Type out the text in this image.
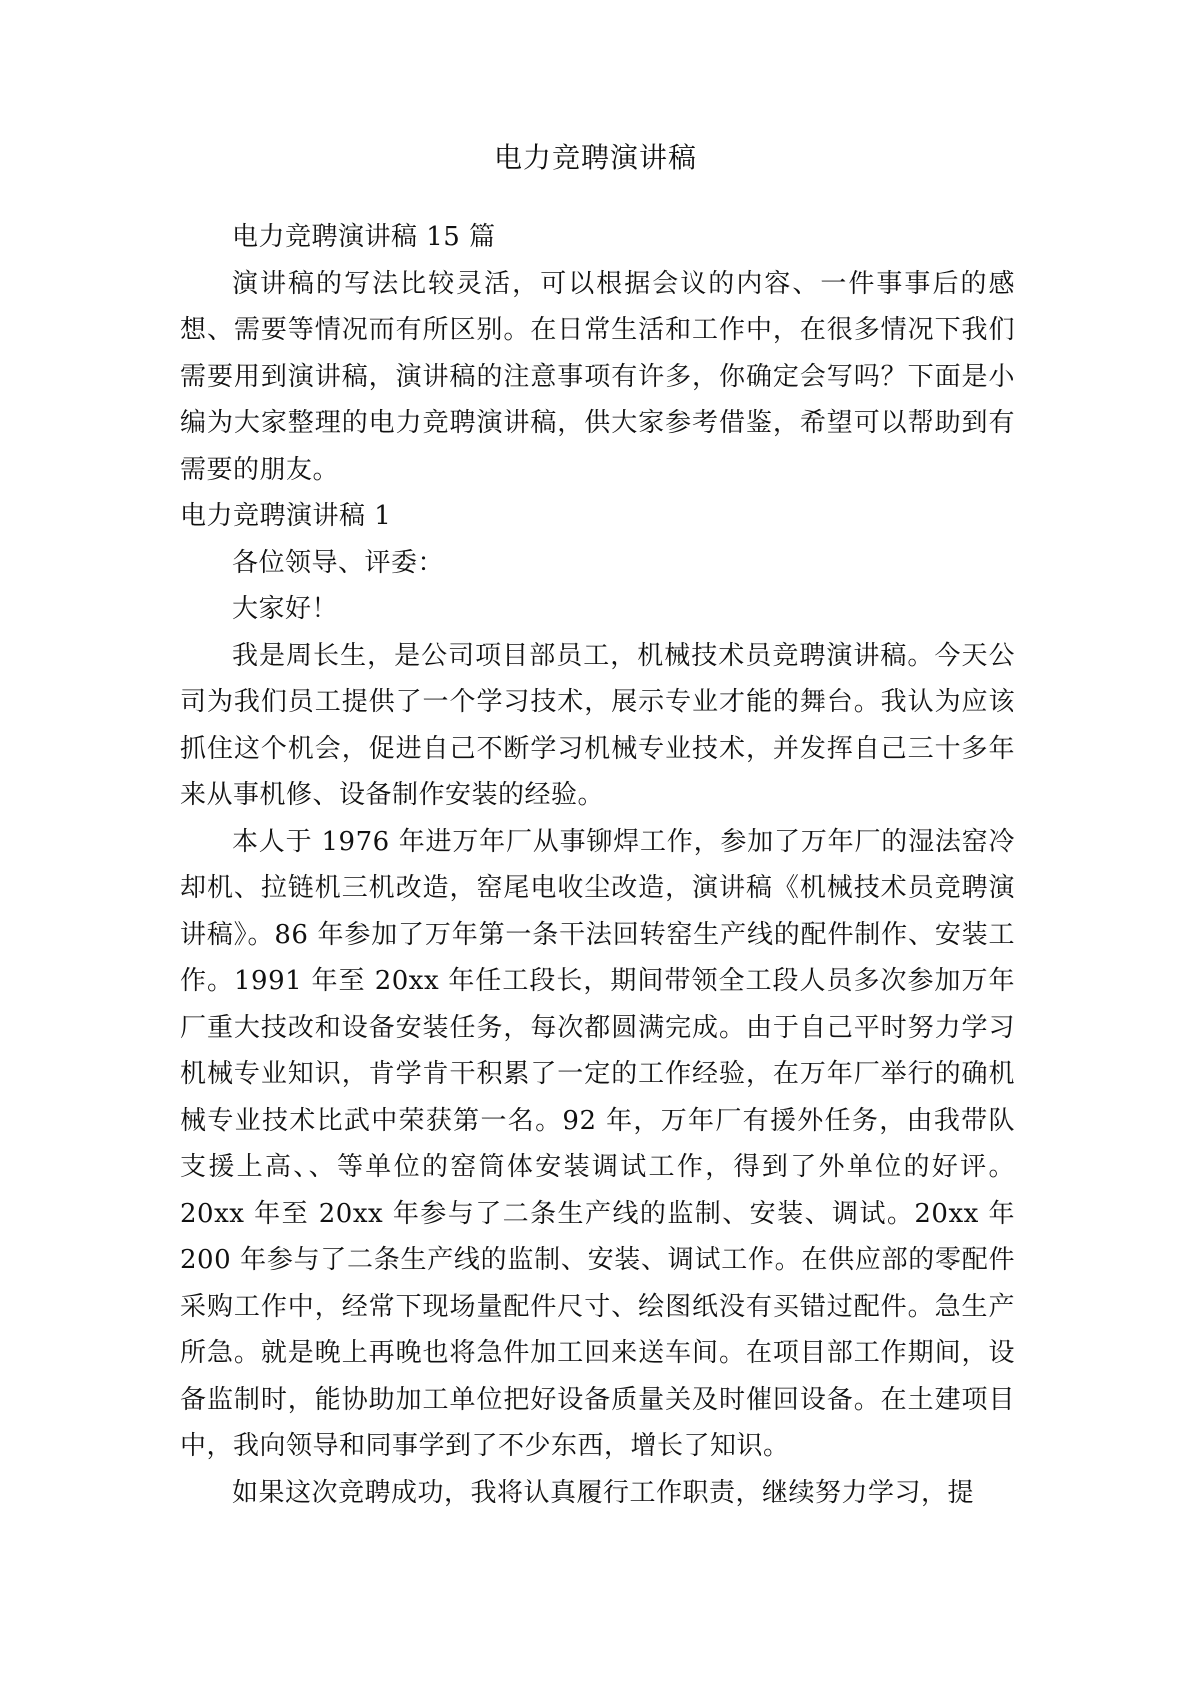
电力竞聘演讲稿

电力竞聘演讲稿 15 篇

演讲稿的写法比较灵活，可以根据会议的内容、一件事事后的感想、需要等情况而有所区别。在日常生活和工作中，在很多情况下我们需要用到演讲稿，演讲稿的注意事项有许多，你确定会写吗？下面是小编为大家整理的电力竞聘演讲稿，供大家参考借鉴，希望可以帮助到有需要的朋友。

电力竞聘演讲稿 1

各位领导、评委：

大家好！

我是周长生，是公司项目部员工，机械技术员竞聘演讲稿。今天公司为我们员工提供了一个学习技术，展示专业才能的舞台。我认为应该抓住这个机会，促进自己不断学习机械专业技术，并发挥自己三十多年来从事机修、设备制作安装的经验。

本人于 1976 年进万年厂从事铆焊工作，参加了万年厂的湿法窑冷却机、拉链机三机改造，窑尾电收尘改造，演讲稿《机械技术员竞聘演讲稿》。86 年参加了万年第一条干法回转窑生产线的配件制作、安装工作。1991 年至 20xx 年任工段长，期间带领全工段人员多次参加万年厂重大技改和设备安装任务，每次都圆满完成。由于自己平时努力学习机械专业知识，肯学肯干积累了一定的工作经验，在万年厂举行的确机械专业技术比武中荣获第一名。92 年，万年厂有援外任务，由我带队支援上高、、等单位的窑筒体安装调试工作，得到了外单位的好评。20xx 年至 20xx 年参与了二条生产线的监制、安装、调试。20xx 年 200 年参与了二条生产线的监制、安装、调试工作。在供应部的零配件采购工作中，经常下现场量配件尺寸、绘图纸没有买错过配件。急生产所急。就是晚上再晚也将急件加工回来送车间。在项目部工作期间，设备监制时，能协助加工单位把好设备质量关及时催回设备。在土建项目中，我向领导和同事学到了不少东西，增长了知识。

如果这次竞聘成功，我将认真履行工作职责，继续努力学习，提
